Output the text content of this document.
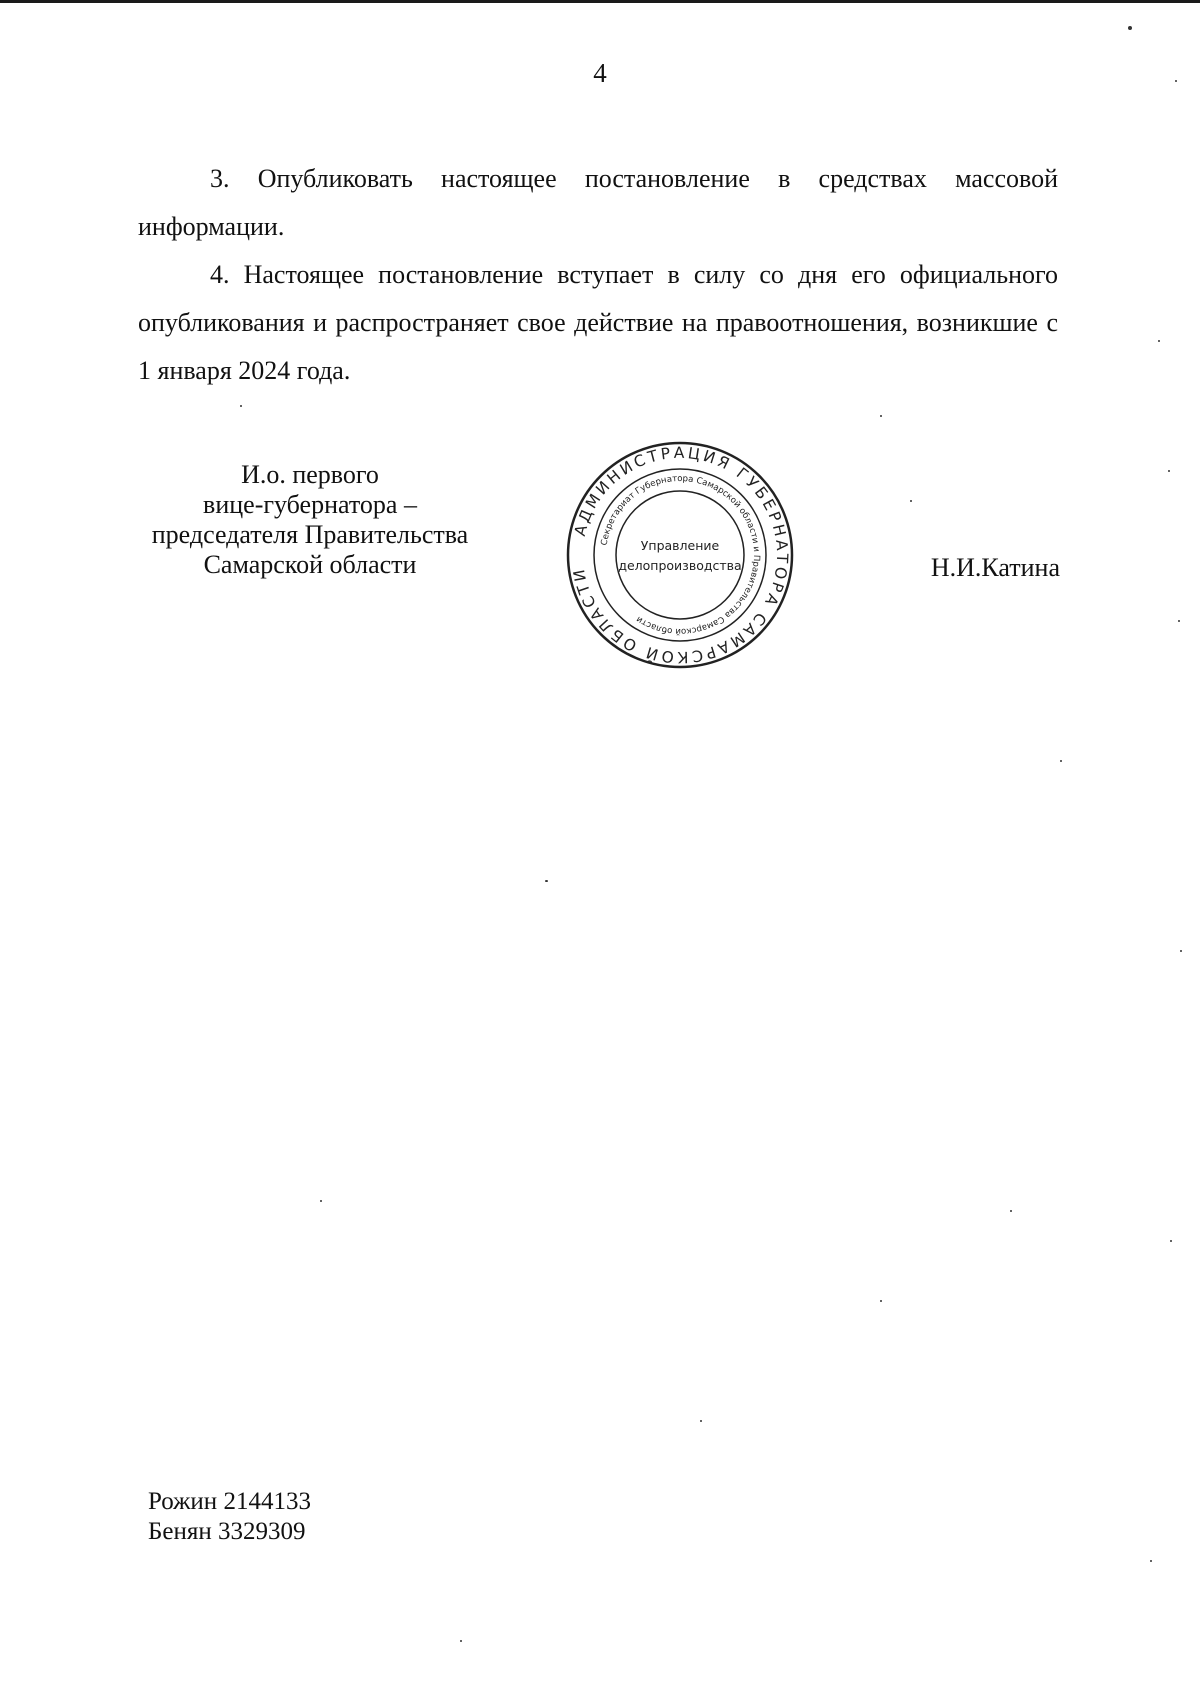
4

3. Опубликовать настоящее постановление в средствах массовой информации.

4. Настоящее постановление вступает в силу со дня его официального опубликования и распространяет свое действие на правоотношения, возникшие с 1 января 2024 года.

И.о. первого
вице-губернатора –
председателя Правительства
Самарской области
АДМИНИСТРАЦИЯ ГУБЕРНАТОРА САМАРСКОЙ ОБЛАСТИ
Секретариат Губернатора Самарской области и Правительства Самарской области
Управление
делопроизводства	Н.И.Катина
Рожин 2144133
Бенян 3329309
